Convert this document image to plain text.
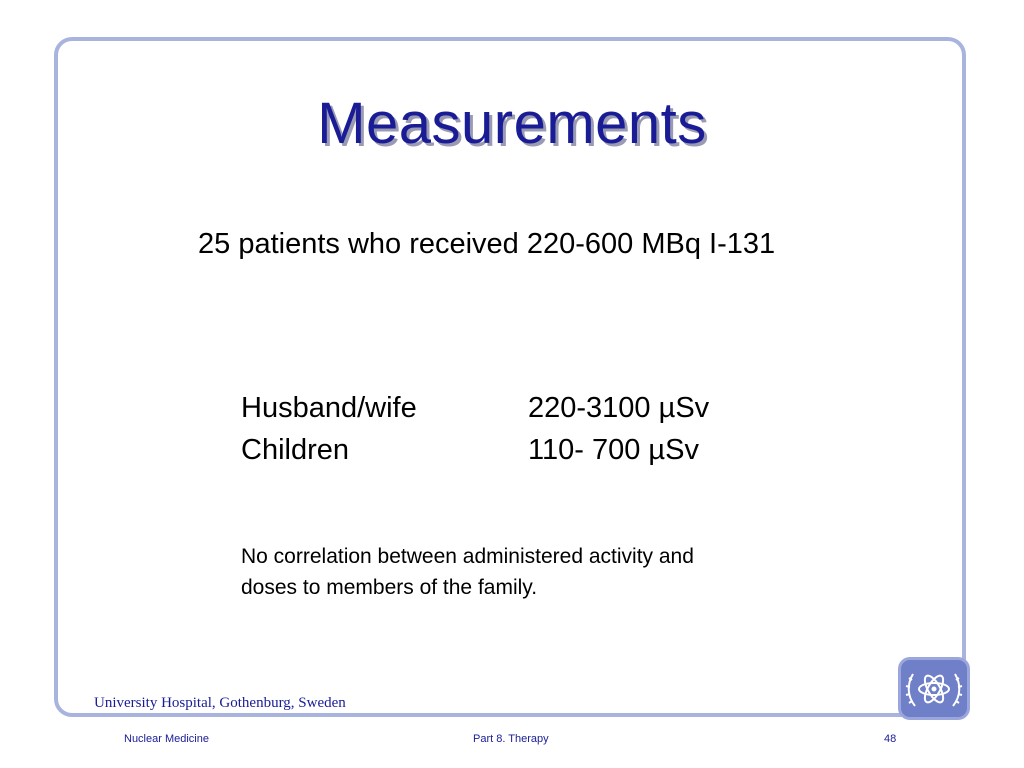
Measurements
25 patients who received 220-600 MBq I-131
Husband/wife	220-3100 µSv
Children	110- 700 µSv
No correlation between administered activity and
doses to members of the family.
University Hospital, Gothenburg, Sweden
Nuclear Medicine	Part 8. Therapy	48
